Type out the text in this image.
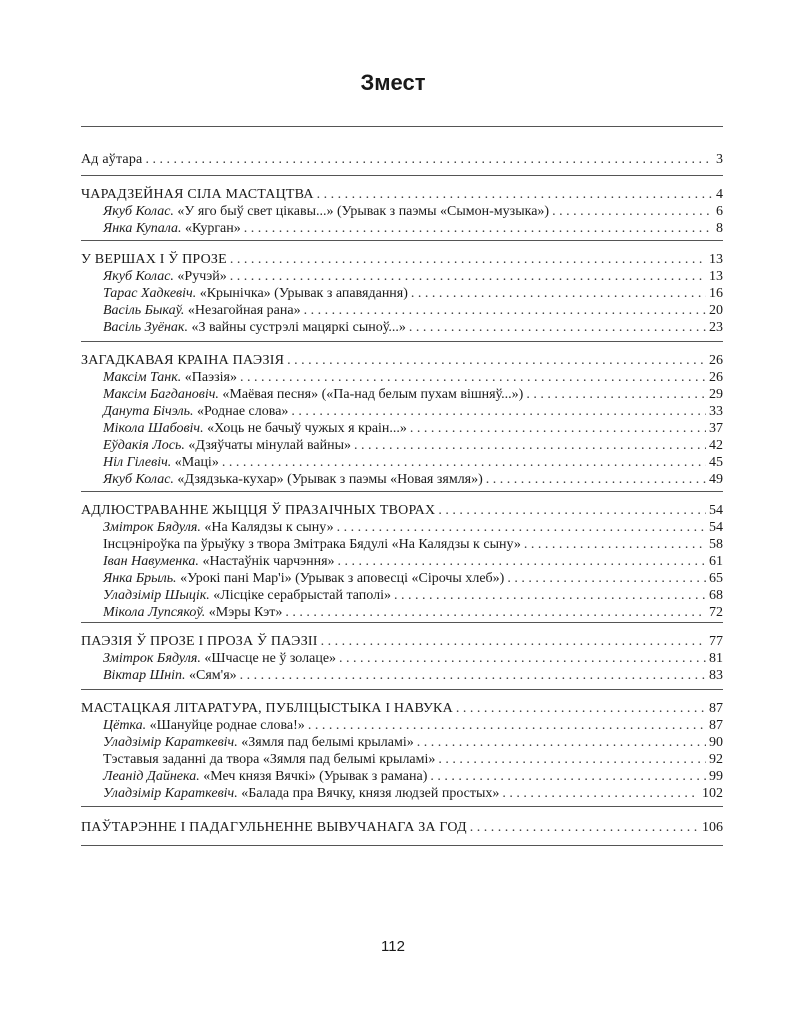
Змест
Ад аўтара . . .	3
ЧАРАДЗЕЙНАЯ СІЛА МАСТАЦТВА . . .	4
Якуб Колас. «У яго быў свет цікавы...» (Урывак з паэмы «Сымон-музыка») . . .	6
Янка Купала. «Курган» . . .	8
У ВЕРШАХ І Ў ПРОЗЕ . . .	13
Якуб Колас. «Ручэй» . . .	13
Тарас Хадкевіч. «Крынічка» (Урывак з апавядання) . . .	16
Васіль Быкаў. «Незагойная рана» . . .	20
Васіль Зуёнак. «З вайны сустрэлі мацяркі сыноў...» . . .	23
ЗАГАДКАВАЯ КРАІНА ПАЭЗІЯ . . .	26
Максім Танк. «Паэзія» . . .	26
Максім Багдановіч. «Маёвая песня» («Па-над белым пухам вішняў...») . . .	29
Данута Бічэль. «Роднае слова» . . .	33
Мікола Шабовіч. «Хоць не бачыў чужых я краін...» . . .	37
Еўдакія Лось. «Дзяўчаты мінулай вайны» . . .	42
Ніл Гілевіч. «Маці» . . .	45
Якуб Колас. «Дзядзька-кухар» (Урывак з паэмы «Новая зямля») . . .	49
АДЛЮСТРАВАННЕ ЖЫЦЦЯ Ў ПРАЗАІЧНЫХ ТВОРАХ . . .	54
Змітрок Бядуля. «На Калядзы к сыну» . . .	54
Інсцэніроўка па ўрыўку з твора Змітрака Бядулі «На Калядзы к сыну» . . .	58
Іван Навуменка. «Настаўнік чарчэння» . . .	61
Янка Брыль. «Урокі пані Мар'і» (Урывак з аповесці «Сірочы хлеб») . . .	65
Уладзімір Шыцік. «Лісціке серабрыстай таполі» . . .	68
Мікола Лупсякоў. «Мэры Кэт» . . .	72
ПАЭЗІЯ Ў ПРОЗЕ І ПРОЗА Ў ПАЭЗІІ . . .	77
Змітрок Бядуля. «Шчасце не ў золаце» . . .	81
Віктар Шніп. «Сям'я» . . .	83
МАСТАЦКАЯ ЛІТАРАТУРА, ПУБЛІЦЫСТЫКА І НАВУКА . . .	87
Цётка. «Шануйце роднае слова!» . . .	87
Уладзімір Караткевіч. «Зямля пад белымі крыламі» . . .	90
Тэставыя заданні да твора «Зямля пад белымі крыламі» . . .	92
Леанід Дайнека. «Меч князя Вячкі» (Урывак з рамана) . . .	99
Уладзімір Караткевіч. «Балада пра Вячку, князя людзей простых» . . .	102
ПАЎТАРЭННЕ І ПАДАГУЛЬНЕННЕ ВЫВУЧАНАГА ЗА ГОД . . .	106
112
